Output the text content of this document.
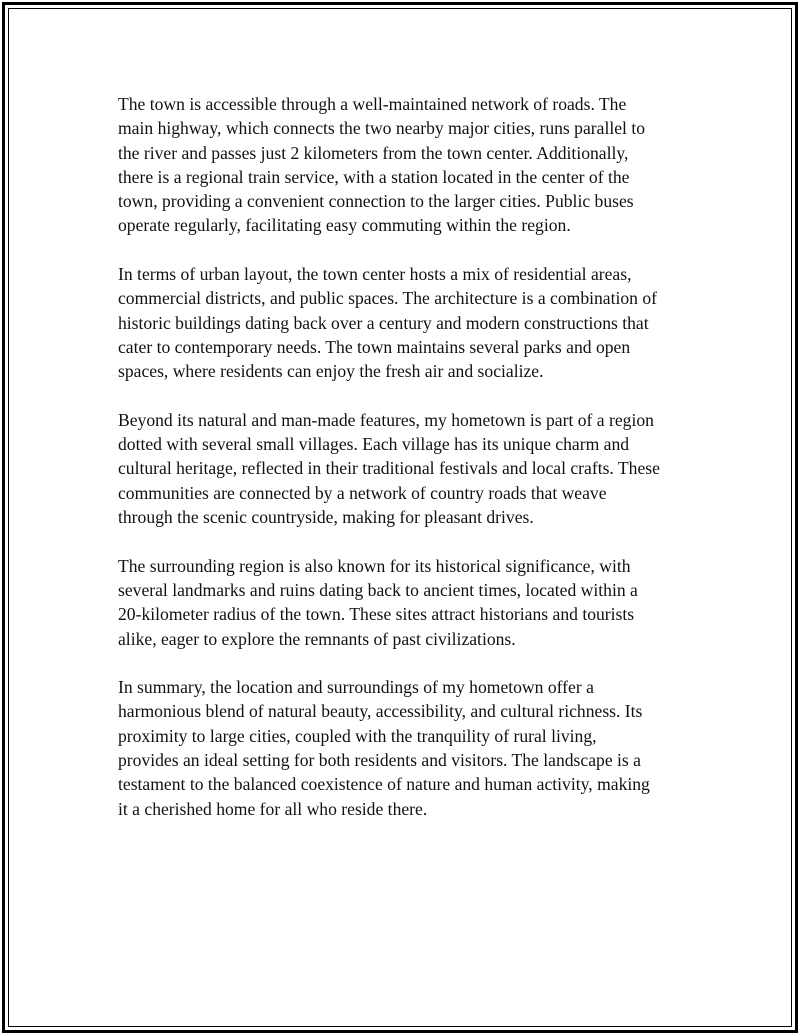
The town is accessible through a well-maintained network of roads. The
main highway, which connects the two nearby major cities, runs parallel to
the river and passes just 2 kilometers from the town center. Additionally,
there is a regional train service, with a station located in the center of the
town, providing a convenient connection to the larger cities. Public buses
operate regularly, facilitating easy commuting within the region.

In terms of urban layout, the town center hosts a mix of residential areas,
commercial districts, and public spaces. The architecture is a combination of
historic buildings dating back over a century and modern constructions that
cater to contemporary needs. The town maintains several parks and open
spaces, where residents can enjoy the fresh air and socialize.

Beyond its natural and man-made features, my hometown is part of a region
dotted with several small villages. Each village has its unique charm and
cultural heritage, reflected in their traditional festivals and local crafts. These
communities are connected by a network of country roads that weave
through the scenic countryside, making for pleasant drives.

The surrounding region is also known for its historical significance, with
several landmarks and ruins dating back to ancient times, located within a
20-kilometer radius of the town. These sites attract historians and tourists
alike, eager to explore the remnants of past civilizations.

In summary, the location and surroundings of my hometown offer a
harmonious blend of natural beauty, accessibility, and cultural richness. Its
proximity to large cities, coupled with the tranquility of rural living,
provides an ideal setting for both residents and visitors. The landscape is a
testament to the balanced coexistence of nature and human activity, making
it a cherished home for all who reside there.
